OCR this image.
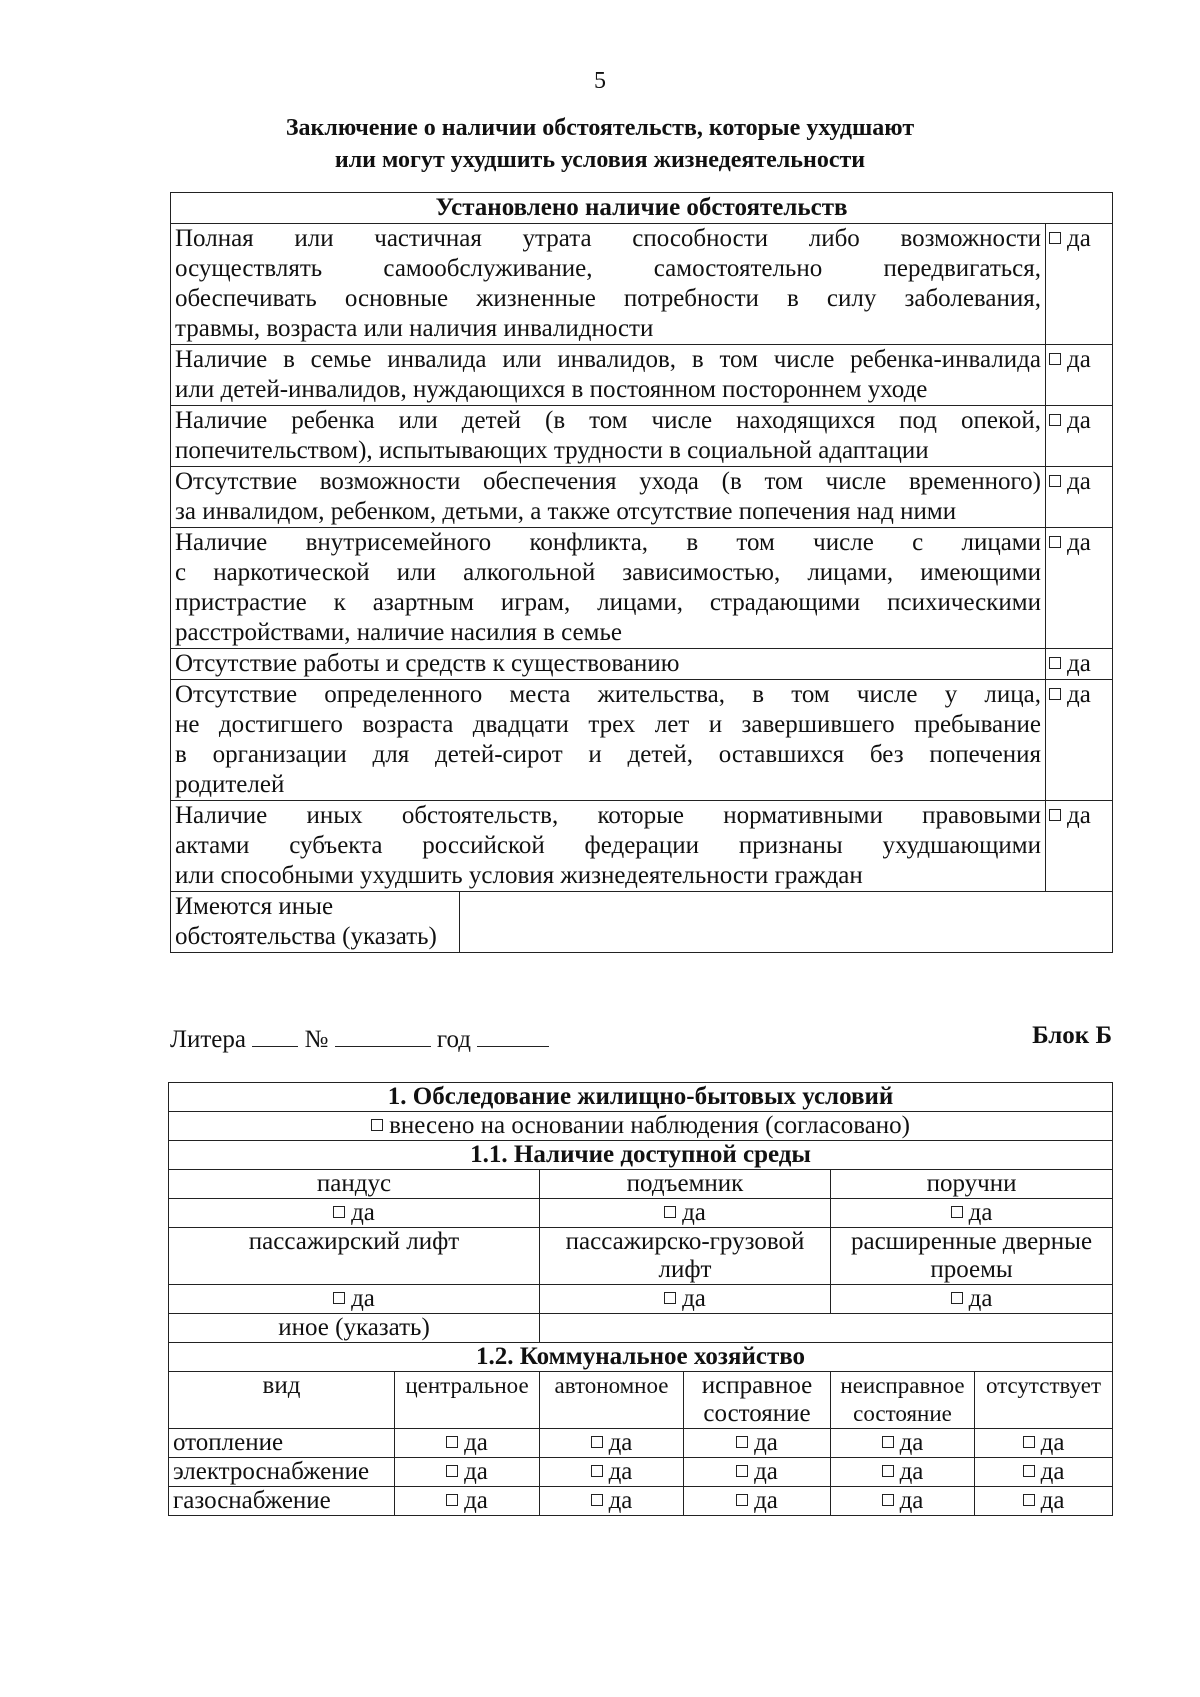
5
Заключение о наличии обстоятельств, которые ухудшают
или могут ухудшить условия жизнедеятельности
Установлено наличие обстоятельств	

Полная или частичная утрата способности либо возможности
осуществлять самообслуживание, самостоятельно передвигаться,
обеспечивать основные жизненные потребности в силу заболевания,
травмы, возраста или наличия инвалидности	да

Наличие в семье инвалида или инвалидов, в том числе ребенка-инвалида
или детей-инвалидов, нуждающихся в постоянном постороннем уходе	да

Наличие ребенка или детей (в том числе находящихся под опекой,
попечительством), испытывающих трудности в социальной адаптации	да

Отсутствие возможности обеспечения ухода (в том числе временного)
за инвалидом, ребенком, детьми, а также отсутствие попечения над ними	да

Наличие внутрисемейного конфликта, в том числе с лицами
с наркотической или алкогольной зависимостью, лицами, имеющими
пристрастие к азартным играм, лицами, страдающими психическими
расстройствами, наличие насилия в семье	да

Отсутствие работы и средств к существованию	да

Отсутствие определенного места жительства, в том числе у лица,
не достигшего возраста двадцати трех лет и завершившего пребывание
в организации для детей-сирот и детей, оставшихся без попечения
родителей	да

Наличие иных обстоятельств, которые нормативными правовыми
актами субъекта российской федерации признаны ухудшающими
или способными ухудшить условия жизнедеятельности граждан	да

Имеются иные
обстоятельства (указать)	
Литера №	год	Блок Б
1. Обследование жилищно-бытовых условий					
внесено на основании наблюдения (согласовано)					
1.1. Наличие доступной среды					
пандус		подъемник		поручни	
да		да		да	
пассажирский лифт		пассажирско-грузовой лифт		расширенные дверные проемы	
да		да		да	
иное (указать)					
1.2. Коммунальное хозяйство					
вид	центральное	автономное	исправное состояние	неисправное состояние	отсутствует
отопление	да	да	да	да	да
электроснабжение	да	да	да	да	да
газоснабжение	да	да	да	да	да
